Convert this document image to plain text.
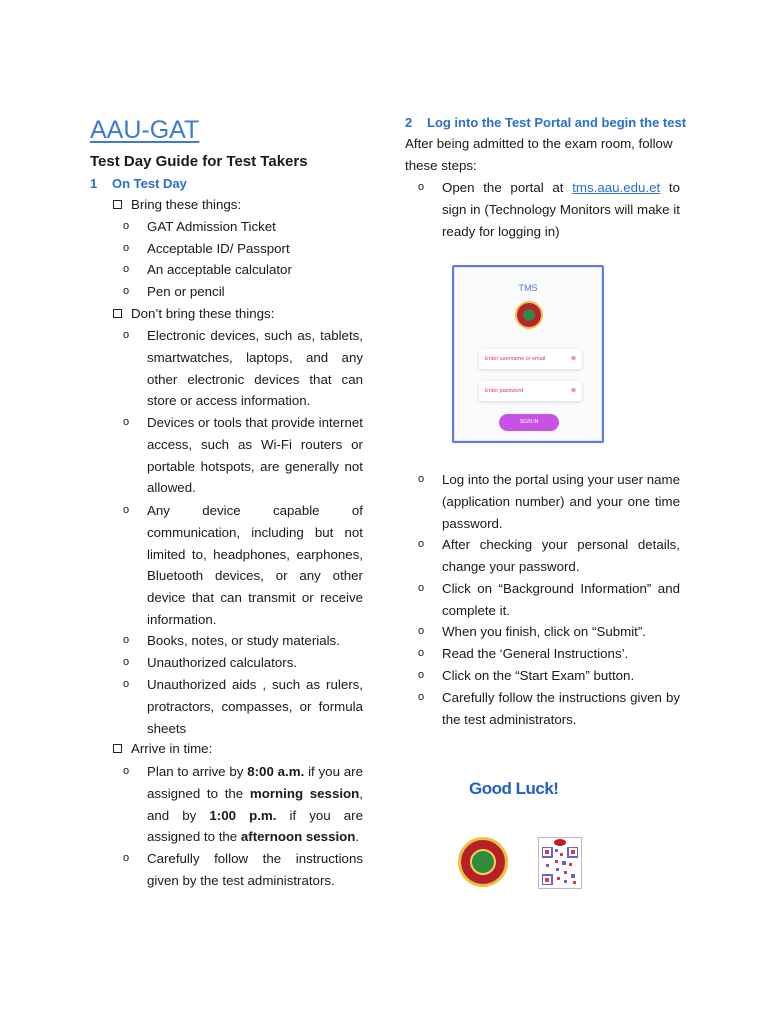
AAU-GAT
Test Day Guide for Test Takers
1 On Test Day
Bring these things:
o	GAT Admission Ticket
o	Acceptable ID/ Passport
o	An acceptable calculator
o	Pen or pencil
Don’t bring these things:
o	Electronic devices, such as, tablets, smartwatches, laptops, and any other electronic devices that can store or access information.
o	Devices or tools that provide internet access, such as Wi-Fi routers or portable hotspots, are generally not allowed.
o	Any device capable of communication, including but not limited to, headphones, earphones, Bluetooth devices, or any other device that can transmit or receive information.
o	Books, notes, or study materials.
o	Unauthorized calculators.
o	Unauthorized aids , such as rulers, protractors, compasses, or formula sheets
Arrive in time:
o	Plan to arrive by 8:00 a.m. if you are assigned to the morning session, and by 1:00 p.m. if you are assigned to the afternoon session.
o	Carefully follow the instructions given by the test administrators.
2 Log into the Test Portal and begin the test
After being admitted to the exam room, follow these steps:
o	Open the portal at tms.aau.edu.et to sign in (Technology Monitors will make it ready for logging in)
TMS
Enter username or email	⊗
Enter password	⊗
SIGN IN
o	Log into the portal using your user name (application number) and your one time password.
o	After checking your personal details, change your password.
o	Click on “Background Information” and complete it.
o	When you finish, click on “Submit”.
o	Read the ‘General Instructions’.
o	Click on the “Start Exam” button.
o	Carefully follow the instructions given by the test administrators.
Good Luck!
